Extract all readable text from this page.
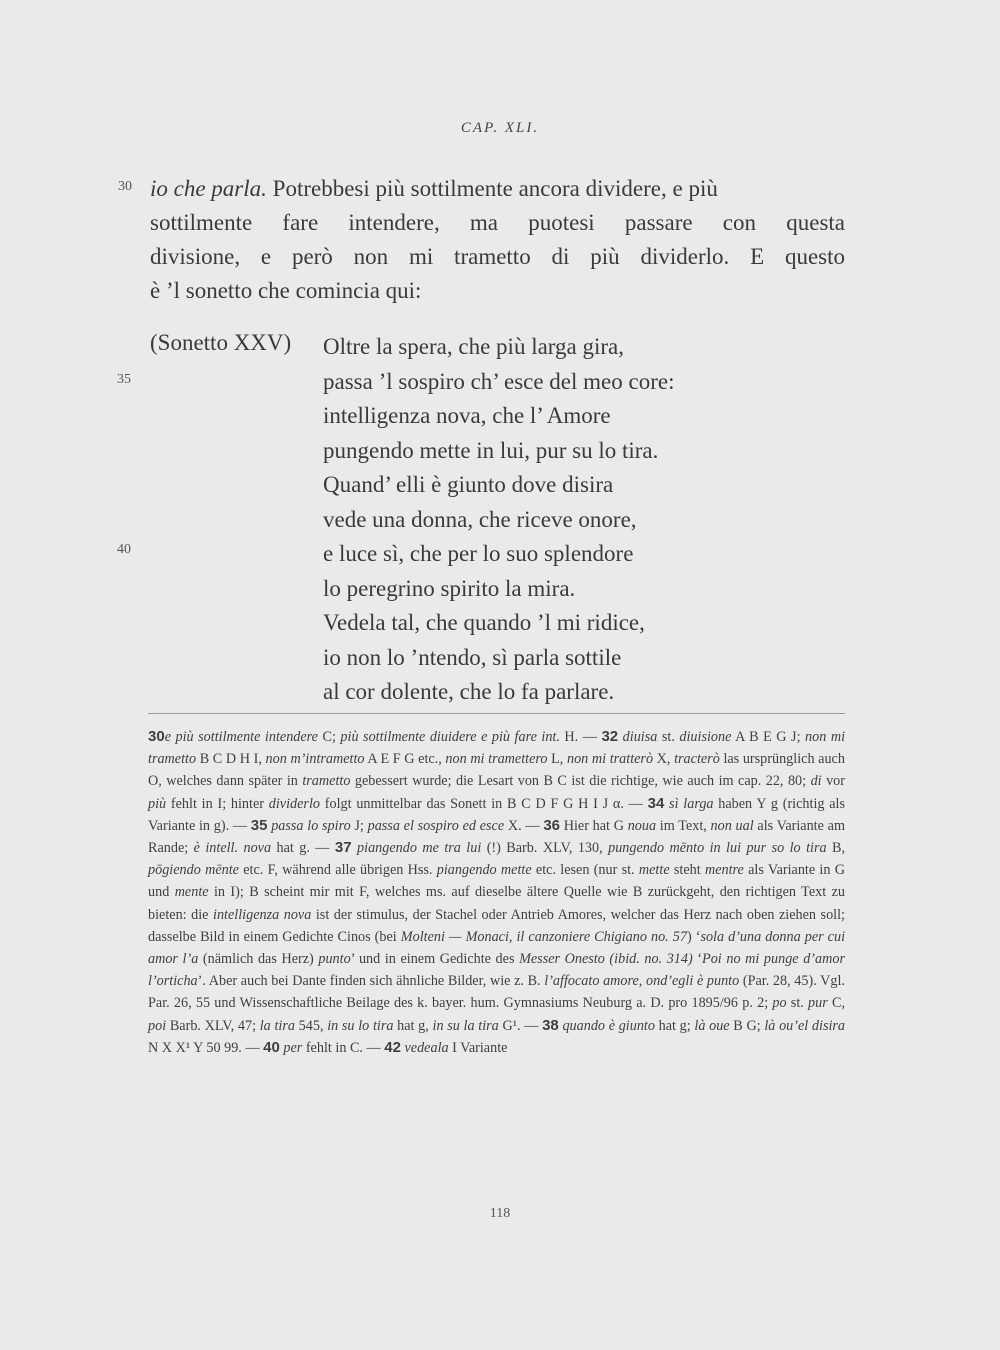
CAP. XLI.
30 io che parla. Potrebbesi più sottilmente ancora dividere, e più
sottilmente fare intendere, ma puotesi passare con questa
divisione, e però non mi trametto di più dividerlo. E questo
è ’l sonetto che comincia qui:
(Sonetto XXV)
35
40
Oltre la spera, che più larga gira,
passa ’l sospiro ch’ esce del meo core:
intelligenza nova, che l’ Amore
pungendo mette in lui, pur su lo tira.
Quand’ elli è giunto dove disira
vede una donna, che riceve onore,
e luce sì, che per lo suo splendore
lo peregrino spirito la mira.
Vedela tal, che quando ’l mi ridice,
io non lo ’ntendo, sì parla sottile
al cor dolente, che lo fa parlare.
30e più sottilmente intendere C; più sottilmente diuidere e più fare int. H. — 32 diuisa st. diuisione A B E G J; non mi trametto B C D H I, non m’intrametto A E F G etc., non mi tramettero L, non mi tratterò X, tracterò las ursprünglich auch O, welches dann später in trametto gebessert wurde; die Lesart von B C ist die richtige, wie auch im cap. 22, 80; di vor più fehlt in I; hinter dividerlo folgt unmittelbar das Sonett in B C D F G H I J α. — 34 sì larga haben Y g (richtig als Variante in g). — 35 passa lo spiro J; passa el sospiro ed esce X. — 36 Hier hat G noua im Text, non ual als Variante am Rande; è intell. nova hat g. — 37 piangendo me tra lui (!) Barb. XLV, 130, pungendo mēnto in lui pur so lo tira B, pōgiendo mēnte etc. F, während alle übrigen Hss. piangendo mette etc. lesen (nur st. mette steht mentre als Variante in G und mente in I); B scheint mir mit F, welches ms. auf dieselbe ältere Quelle wie B zurückgeht, den richtigen Text zu bieten: die intelligenza nova ist der stimulus, der Stachel oder Antrieb Amores, welcher das Herz nach oben ziehen soll; dasselbe Bild in einem Gedichte Cinos (bei Molteni — Monaci, il canzoniere Chigiano no. 57) ‘sola d’una donna per cui amor l’a (nämlich das Herz) punto’ und in einem Gedichte des Messer Onesto (ibid. no. 314) ‘Poi no mi punge d’amor l’orticha’. Aber auch bei Dante finden sich ähnliche Bilder, wie z. B. l’affocato amore, ond’egli è punto (Par. 28, 45). Vgl. Par. 26, 55 und Wissenschaftliche Beilage des k. bayer. hum. Gymnasiums Neuburg a. D. pro 1895/96 p. 2; po st. pur C, poi Barb. XLV, 47; la tira 545, in su lo tira hat g, in su la tira G¹. — 38 quando è giunto hat g; là oue B G; là ou’el disira N X X¹ Y 50 99. — 40 per fehlt in C. — 42 vedeala I Variante
118
